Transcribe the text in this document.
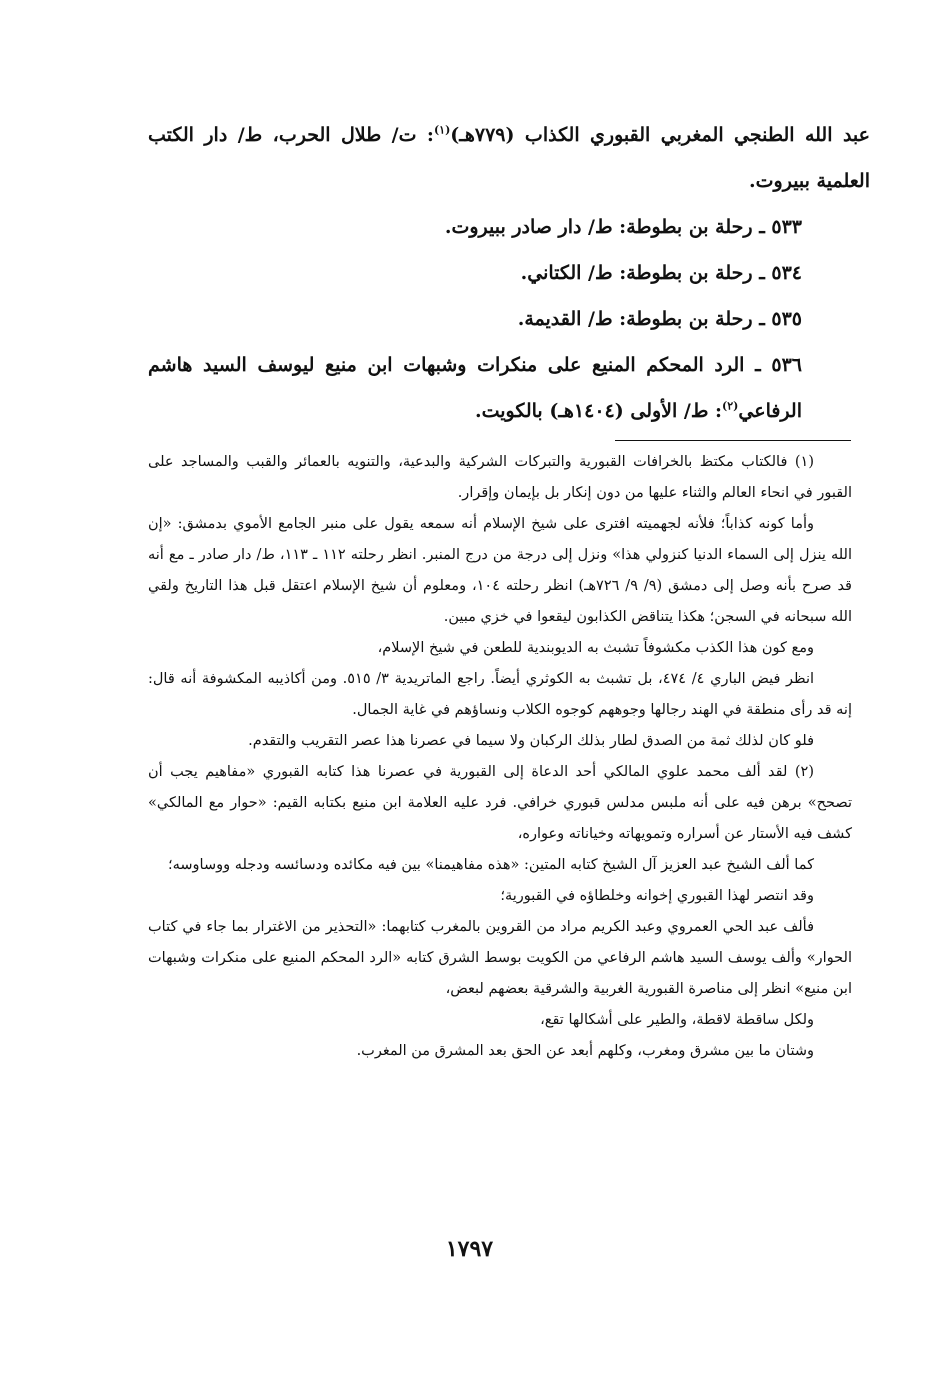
عبد الله الطنجي المغربي القبوري الكذاب (٧٧٩هـ)$^{(١)}$: ت/ طلال الحرب، ط/ دار الكتب العلمية ببيروت.

٥٣٣ ـ رحلة بن بطوطة: ط/ دار صادر ببيروت.

٥٣٤ ـ رحلة بن بطوطة: ط/ الكتاني.

٥٣٥ ـ رحلة بن بطوطة: ط/ القديمة.

٥٣٦ ـ الرد المحكم المنيع على منكرات وشبهات ابن منيع ليوسف السيد هاشم الرفاعي$^{(٢)}$: ط/ الأولى (١٤٠٤هـ) بالكويت.

(١) فالكتاب مكتظ بالخرافات القبورية والتبركات الشركية والبدعية، والتنويه بالعمائر والقبب والمساجد على القبور في انحاء العالم والثناء عليها من دون إنكار بل بإيمان وإقرار.

وأما كونه كذاباً؛ فلأنه لجهميته افترى على شيخ الإسلام أنه سمعه يقول على منبر الجامع الأموي بدمشق: «إن الله ينزل إلى السماء الدنيا كنزولي هذا» ونزل إلى درجة من درج المنبر. انظر رحلته ١١٢ ـ ١١٣، ط/ دار صادر ـ مع أنه قد صرح بأنه وصل إلى دمشق (٩/ ٩/ ٧٢٦هـ) انظر رحلته ١٠٤، ومعلوم أن شيخ الإسلام اعتقل قبل هذا التاريخ ولقي الله سبحانه في السجن؛ هكذا يتناقض الكذابون ليقعوا في خزي مبين.

ومع كون هذا الكذب مكشوفاً تشبث به الديوبندية للطعن في شيخ الإسلام،

انظر فيض الباري ٤/ ٤٧٤، بل تشبث به الكوثري أيضاً. راجع الماتريدية ٣/ ٥١٥. ومن أكاذيبه المكشوفة أنه قال: إنه قد رأى منطقة في الهند رجالها وجوههم كوجوه الكلاب ونساؤهم في غاية الجمال.

فلو كان لذلك ثمة من الصدق لطار بذلك الركبان ولا سيما في عصرنا هذا عصر التقريب والتقدم.

(٢) لقد ألف محمد علوي المالكي أحد الدعاة إلى القبورية في عصرنا هذا كتابه القبوري «مفاهيم يجب أن تصحح» برهن فيه على أنه ملبس مدلس قبوري خرافي. فرد عليه العلامة ابن منيع بكتابه القيم: «حوار مع المالكي» كشف فيه الأستار عن أسراره وتمويهاته وخياناته وعواره،

كما ألف الشيخ عبد العزيز آل الشيخ كتابه المتين: «هذه مفاهيمنا» بين فيه مكائده ودسائسه ودجله ووساوسه؛

وقد انتصر لهذا القبوري إخوانه وخلطاؤه في القبورية؛

فألف عبد الحي العمروي وعبد الكريم مراد من القروين بالمغرب كتابهما: «التحذير من الاغترار بما جاء في كتاب الحوار» وألف يوسف السيد هاشم الرفاعي من الكويت بوسط الشرق كتابه «الرد المحكم المنيع على منكرات وشبهات ابن منيع» انظر إلى مناصرة القبورية الغربية والشرقية بعضهم لبعض،

ولكل ساقطة لاقطة، والطير على أشكالها تقع،

وشتان ما بين مشرق ومغرب، وكلهم أبعد عن الحق بعد المشرق من المغرب.

١٧٩٧
